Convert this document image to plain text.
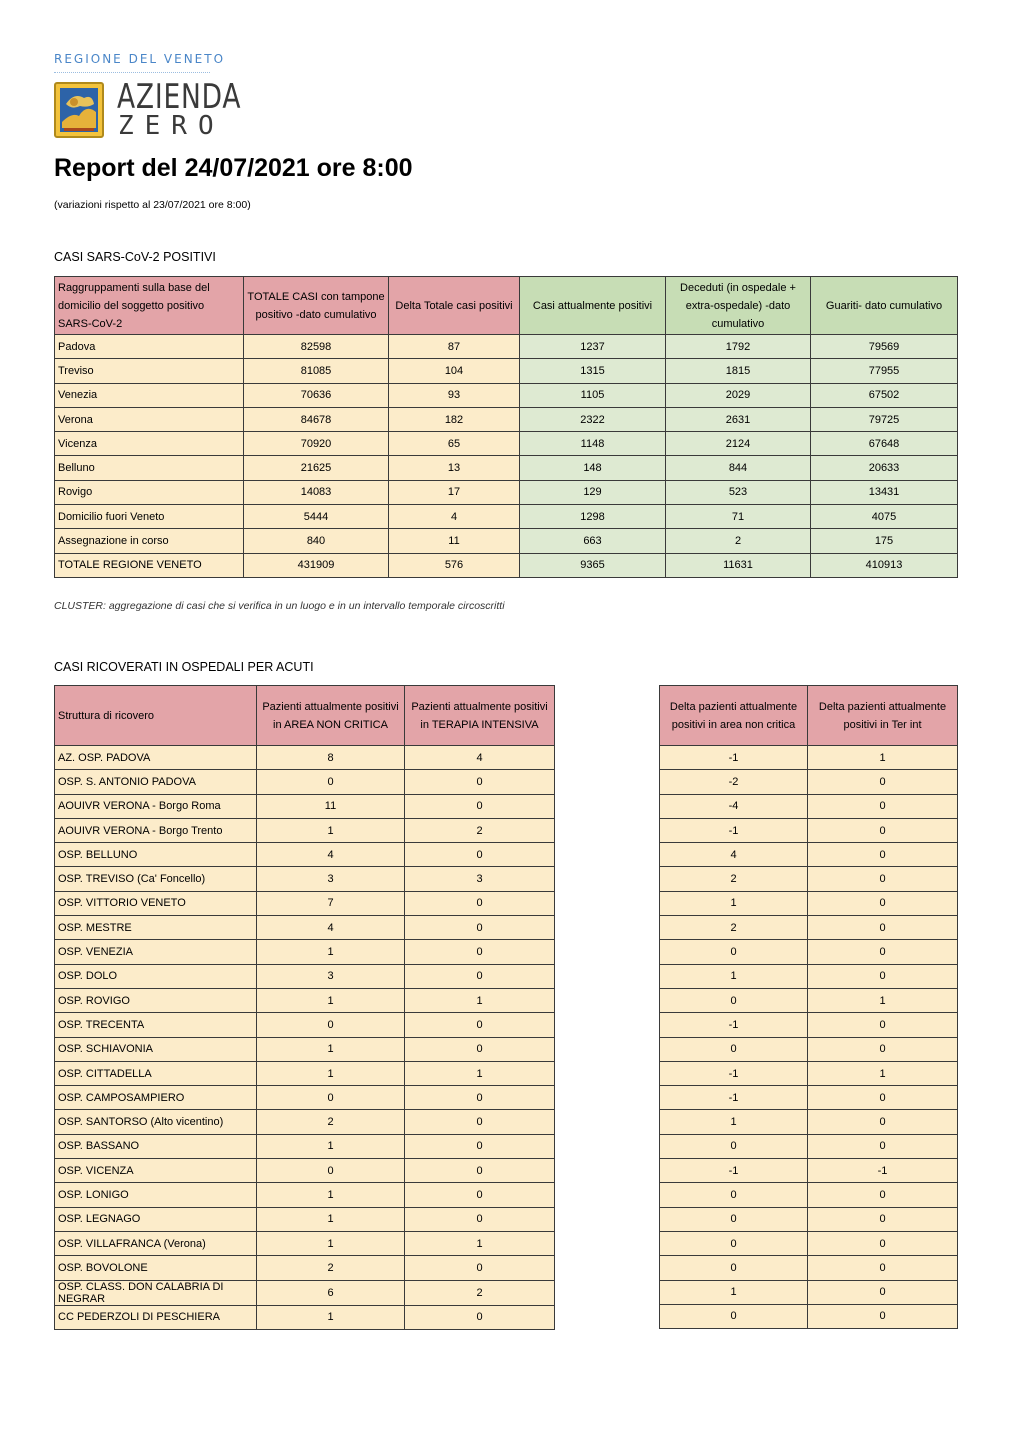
REGIONE DEL VENETO
AZIENDA
ZERO
Report del 24/07/2021 ore 8:00
(variazioni rispetto al 23/07/2021 ore 8:00)
CASI SARS-CoV-2 POSITIVI
Raggruppamenti sulla base del domicilio del soggetto positivo SARS-CoV-2	TOTALE CASI con tampone positivo -dato cumulativo	Delta Totale casi positivi	Casi attualmente positivi	Deceduti (in ospedale + extra-ospedale) -dato cumulativo	Guariti- dato cumulativo
Padova	82598	87	1237	1792	79569
Treviso	81085	104	1315	1815	77955
Venezia	70636	93	1105	2029	67502
Verona	84678	182	2322	2631	79725
Vicenza	70920	65	1148	2124	67648
Belluno	21625	13	148	844	20633
Rovigo	14083	17	129	523	13431
Domicilio fuori Veneto	5444	4	1298	71	4075
Assegnazione in corso	840	11	663	2	175
TOTALE REGIONE VENETO	431909	576	9365	11631	410913
CLUSTER: aggregazione di casi che si verifica in un luogo e in un intervallo temporale circoscritti
CASI RICOVERATI IN OSPEDALI PER ACUTI
Struttura di ricovero	Pazienti attualmente positivi in AREA NON CRITICA	Pazienti attualmente positivi in TERAPIA INTENSIVA
AZ. OSP. PADOVA	8	4
OSP. S. ANTONIO PADOVA	0	0
AOUIVR VERONA - Borgo Roma	11	0
AOUIVR VERONA - Borgo Trento	1	2
OSP. BELLUNO	4	0
OSP. TREVISO (Ca' Foncello)	3	3
OSP. VITTORIO VENETO	7	0
OSP. MESTRE	4	0
OSP. VENEZIA	1	0
OSP. DOLO	3	0
OSP. ROVIGO	1	1
OSP. TRECENTA	0	0
OSP. SCHIAVONIA	1	0
OSP. CITTADELLA	1	1
OSP. CAMPOSAMPIERO	0	0
OSP. SANTORSO (Alto vicentino)	2	0
OSP. BASSANO	1	0
OSP. VICENZA	0	0
OSP. LONIGO	1	0
OSP. LEGNAGO	1	0
OSP. VILLAFRANCA (Verona)	1	1
OSP. BOVOLONE	2	0
OSP. CLASS. DON CALABRIA DI NEGRAR	6	2
CC PEDERZOLI DI PESCHIERA	1	0
Delta pazienti attualmente positivi in area non critica	Delta pazienti attualmente positivi in Ter int
-1	1
-2	0
-4	0
-1	0
4	0
2	0
1	0
2	0
0	0
1	0
0	1
-1	0
0	0
-1	1
-1	0
1	0
0	0
-1	-1
0	0
0	0
0	0
0	0
1	0
0	0
